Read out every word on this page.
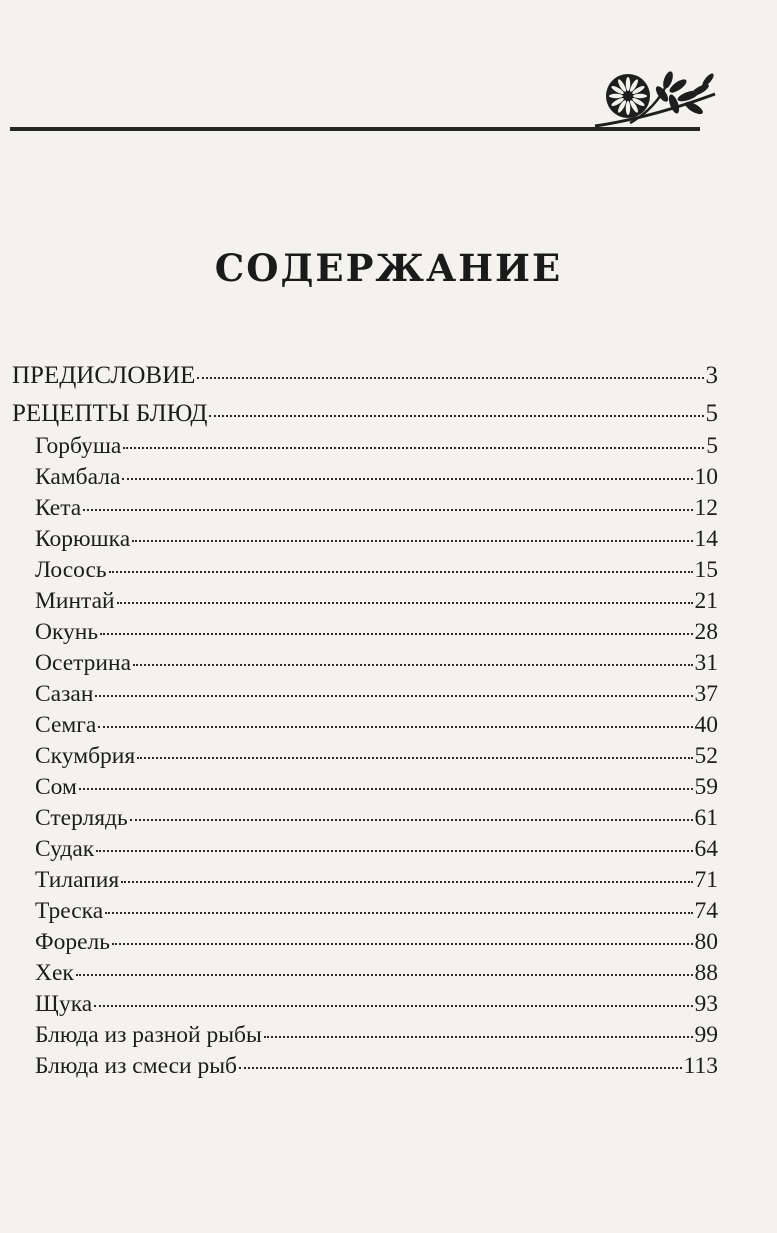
СОДЕРЖАНИЕ
ПРЕДИСЛОВИЕ	3
РЕЦЕПТЫ БЛЮД	5
Горбуша	5
Камбала	10
Кета	12
Корюшка	14
Лосось	15
Минтай	21
Окунь	28
Осетрина	31
Сазан	37
Семга	40
Скумбрия	52
Сом	59
Стерлядь	61
Судак	64
Тилапия	71
Треска	74
Форель	80
Хек	88
Щука	93
Блюда из разной рыбы	99
Блюда из смеси рыб	113
